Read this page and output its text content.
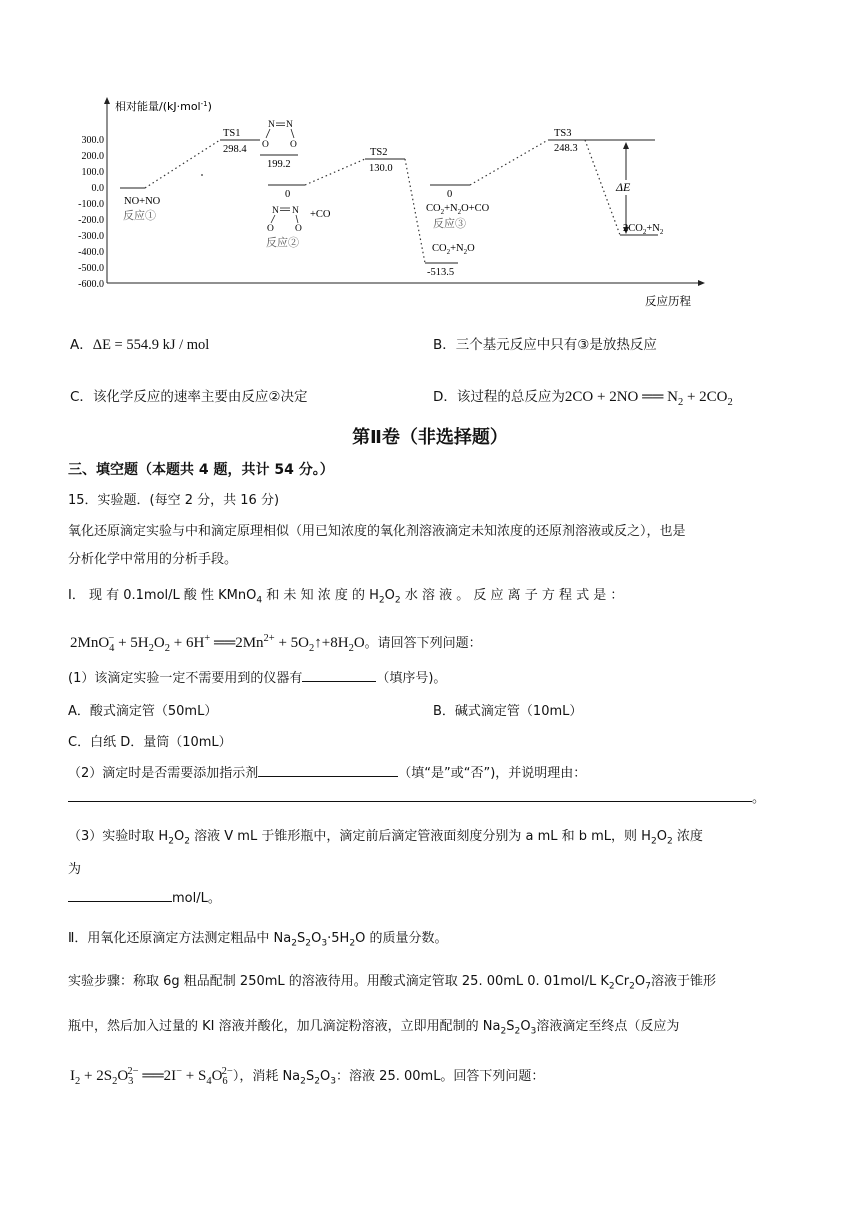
相对能量/(kJ·mol$^{-1}$)
反应历程
300.0
200.0
100.0
0.0
-100.0
-200.0
-300.0
-400.0
-500.0
-600.0
ΔE
TS1
298.4
199.2
TS2
130.0
0
+CO
$CO_2+N_2O$
-513.5
TS3
248.3
0
$CO_2+N_2O+CO$
NO+NO
$2CO_2+N_2$
反应①
反应②
反应③
N N
O O
N N
O O
A．ΔE = 554.9 kJ / mol	B．三个基元反应中只有③是放热反应
C．该化学反应的速率主要由反应②决定	D．该过程的总反应为2CO + 2NO ══ $N_2 + 2CO_2$
第Ⅱ卷（非选择题）
三、填空题（本题共 4 题，共计 54 分。）
15．实验题．(每空 2 分，共 16 分)
氧化还原滴定实验与中和滴定原理相似（用已知浓度的氧化剂溶液滴定未知浓度的还原剂溶液或反之），也是
分析化学中常用的分析手段。
Ⅰ． 现 有 0.1mol/L 酸 性 KMnO$_4$ 和 未 知 浓 度 的 $H_2O_2$ 水 溶 液 。 反 应 离 子 方 程 式 是 ：
$2MnO_4^- + 5H_2O_2 + 6H^+$ $══2Mn^{2+}$ + $5O_2↑+8H_2O$。请回答下列问题：
(1）该滴定实验一定不需要用到的仪器有	（填序号)。
A．酸式滴定管（50mL）	B．碱式滴定管（10mL）
C．白纸 D．量筒（10mL）
（2）滴定时是否需要添加指示剂	（填“是”或“否”)，并说明理由：
。
（3）实验时取 $H_2O_2$ 溶液 V mL 于锥形瓶中，滴定前后滴定管液面刻度分别为 a mL 和 b mL，则 $H_2O_2$ 浓度
为
mol/L。
Ⅱ．用氧化还原滴定方法测定粗品中 $Na_2S_2O_3\cdot 5H_2O$ 的质量分数。
实验步骤：称取 6g 粗品配制 250mL 的溶液待用。用酸式滴定管取 25. 00mL 0. 01mol/L $K_2Cr_2O_7$溶液于锥形
瓶中，然后加入过量的 KI 溶液并酸化，加几滴淀粉溶液，立即用配制的 $Na_2S_2O_3$溶液滴定至终点（反应为
$I_2 + 2S_2O_3^{2-}$ ══2I− + $S_4O_6^{2-}$），消耗 $Na_2S_2O_3$：溶液 25. 00mL。回答下列问题：
